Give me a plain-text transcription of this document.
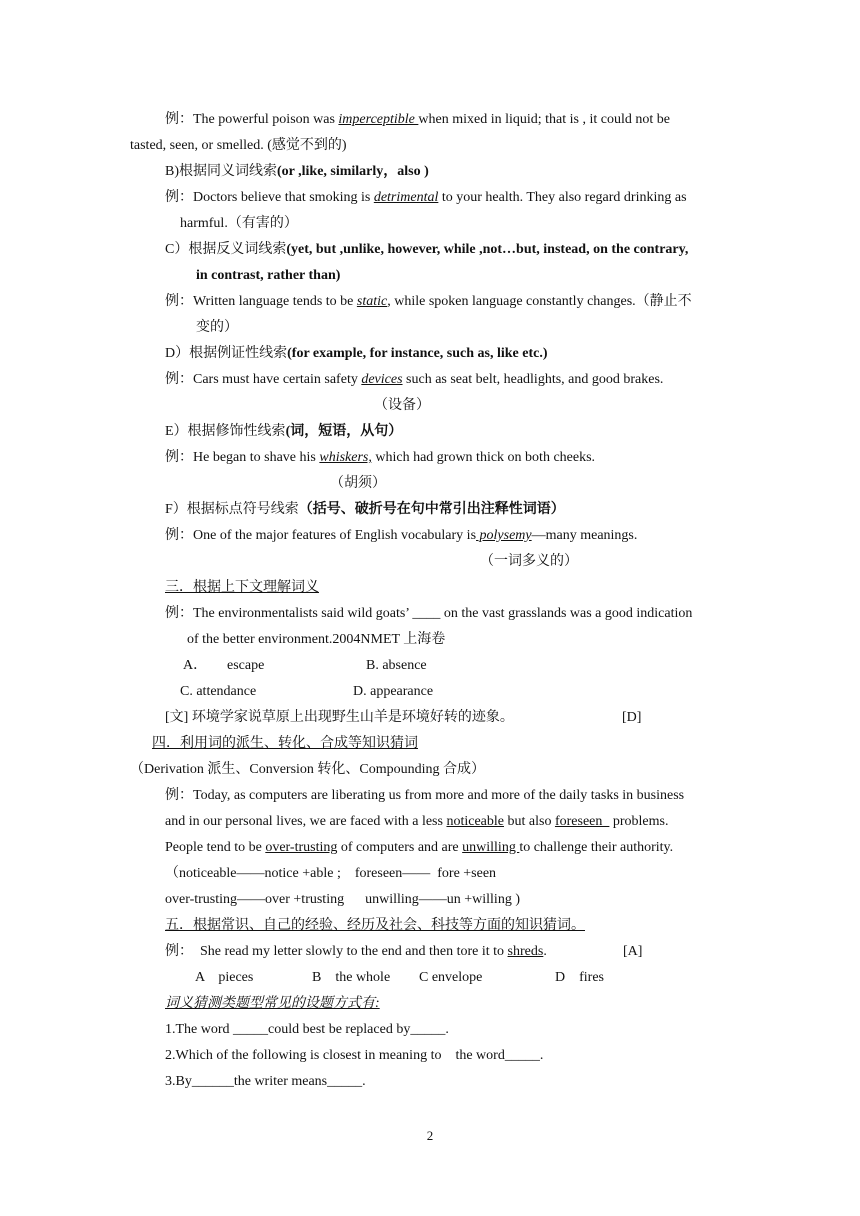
例：The powerful poison was imperceptible when mixed in liquid; that is , it could not be
tasted, seen, or smelled. (感觉不到的)
B)根据同义词线索(or ,like, similarly，also )
例：Doctors believe that smoking is detrimental to your health. They also regard drinking as
harmful.（有害的）
C）根据反义词线索(yet, but ,unlike, however, while ,not…but, instead, on the contrary,
in contrast, rather than)
例：Written language tends to be static, while spoken language constantly changes.（静止不
变的）
D）根据例证性线索(for example, for instance, such as, like etc.)
例：Cars must have certain safety devices such as seat belt, headlights, and good brakes.
（设备）
E）根据修饰性线索(词，短语，从句）
例：He began to shave his whiskers, which had grown thick on both cheeks.
（胡须）
F）根据标点符号线索（括号、破折号在句中常引出注释性词语）
例：One of the major features of English vocabulary is polysemy—many meanings.
（一词多义的）
三．根据上下文理解词义
例：The environmentalists said wild goats’ ____ on the vast grasslands was a good indication
of the better environment.2004NMET 上海卷
A． escape	B. absence
C. attendance	D. appearance
[文] 环境学家说草原上出现野生山羊是环境好转的迹象。	[D]
四．利用词的派生、转化、合成等知识猜词
（Derivation 派生、Conversion 转化、Compounding 合成）
例：Today, as computers are liberating us from more and more of the daily tasks in business
and in our personal lives, we are faced with a less noticeable but also foreseen   problems.
People tend to be over-trusting of computers and are unwilling to challenge their authority.
（noticeable——notice +able ;    foreseen——  fore +seen
over-trusting——over +trusting      unwilling——un +willing )
五．根据常识、自己的经验、经历及社会、科技等方面的知识猜词。
例：  She read my letter slowly to the end and then tore it to shreds.	[A]
A    pieces	B    the whole C envelope	D    fires
词义猜测类题型常见的设题方式有:
1.The word _____could best be replaced by_____.
2.Which of the following is closest in meaning to    the word_____.
3.By______the writer means_____.
2
